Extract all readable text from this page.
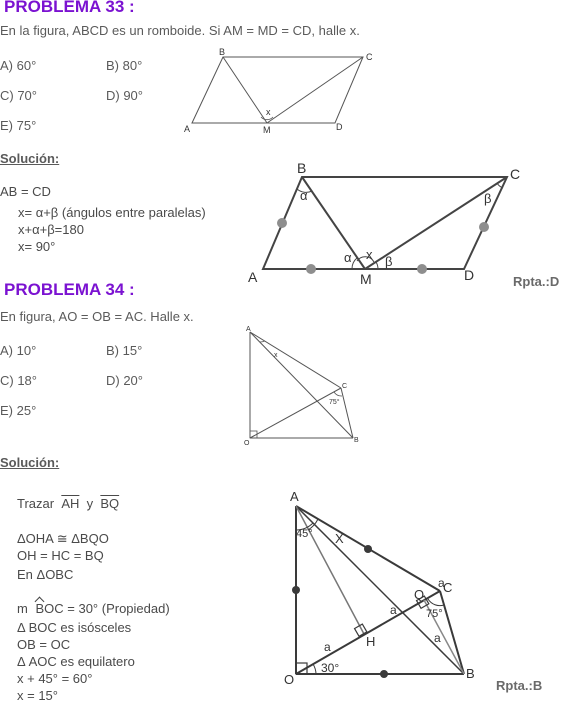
PROBLEMA 33 :
En la figura, ABCD es un romboide. Si AM = MD = CD, halle x.
A) 60°	B) 80°
C) 70°	D) 90°
E) 75°
B	C
A	D
M
x
Solución:
AB = CD
x= α+β (ángulos entre paralelas)
x+α+β=180
x= 90°
B	C
A	D
M
x
α
α
β
β
Rpta.:D
PROBLEMA 34 :
En figura, AO = OB = AC. Halle x.
A) 10°	B) 15°
C) 18°	D) 20°
E) 25°
A
C
O	B
x
75°
Solución:
Trazar $\overline{AH}$ y $\overline{BQ}$
ΔOHA ≅ ΔBQO
OH = HC = BQ
En ΔOBC
m BOC = 30° (Propiedad)
Δ BOC es isósceles
OB = OC
Δ AOC es equilatero
x + 45° = 60°
x = 15°
A
C
O	B
Q
H
X
45°
30°
75°
a
a
a
a
Rpta.:B
